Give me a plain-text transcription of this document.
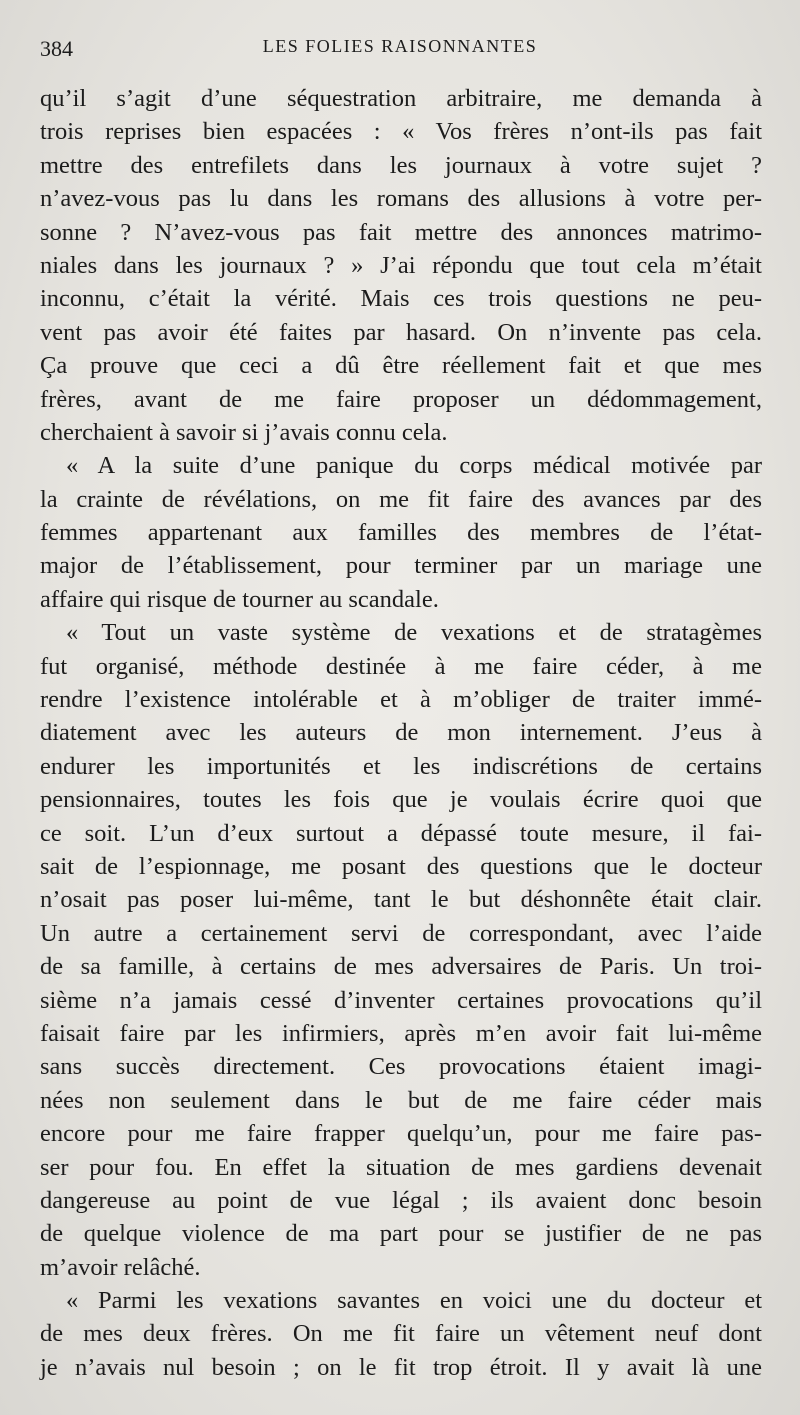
384	LES FOLIES RAISONNANTES
qu’il s’agit d’une séquestration arbitraire, me demanda à
trois reprises bien espacées : « Vos frères n’ont-ils pas fait
mettre des entrefilets dans les journaux à votre sujet ?
n’avez-vous pas lu dans les romans des allusions à votre per-
sonne ? N’avez-vous pas fait mettre des annonces matrimo-
niales dans les journaux ? » J’ai répondu que tout cela m’était
inconnu, c’était la vérité. Mais ces trois questions ne peu-
vent pas avoir été faites par hasard. On n’invente pas cela.
Ça prouve que ceci a dû être réellement fait et que mes
frères, avant de me faire proposer un dédommagement,
cherchaient à savoir si j’avais connu cela.
« A la suite d’une panique du corps médical motivée par
la crainte de révélations, on me fit faire des avances par des
femmes appartenant aux familles des membres de l’état-
major de l’établissement, pour terminer par un mariage une
affaire qui risque de tourner au scandale.
« Tout un vaste système de vexations et de stratagèmes
fut organisé, méthode destinée à me faire céder, à me
rendre l’existence intolérable et à m’obliger de traiter immé-
diatement avec les auteurs de mon internement. J’eus à
endurer les importunités et les indiscrétions de certains
pensionnaires, toutes les fois que je voulais écrire quoi que
ce soit. L’un d’eux surtout a dépassé toute mesure, il fai-
sait de l’espionnage, me posant des questions que le docteur
n’osait pas poser lui-même, tant le but déshonnête était clair.
Un autre a certainement servi de correspondant, avec l’aide
de sa famille, à certains de mes adversaires de Paris. Un troi-
sième n’a jamais cessé d’inventer certaines provocations qu’il
faisait faire par les infirmiers, après m’en avoir fait lui-même
sans succès directement. Ces provocations étaient imagi-
nées non seulement dans le but de me faire céder mais
encore pour me faire frapper quelqu’un, pour me faire pas-
ser pour fou. En effet la situation de mes gardiens devenait
dangereuse au point de vue légal ; ils avaient donc besoin
de quelque violence de ma part pour se justifier de ne pas
m’avoir relâché.
« Parmi les vexations savantes en voici une du docteur et
de mes deux frères. On me fit faire un vêtement neuf dont
je n’avais nul besoin ; on le fit trop étroit. Il y avait là une
